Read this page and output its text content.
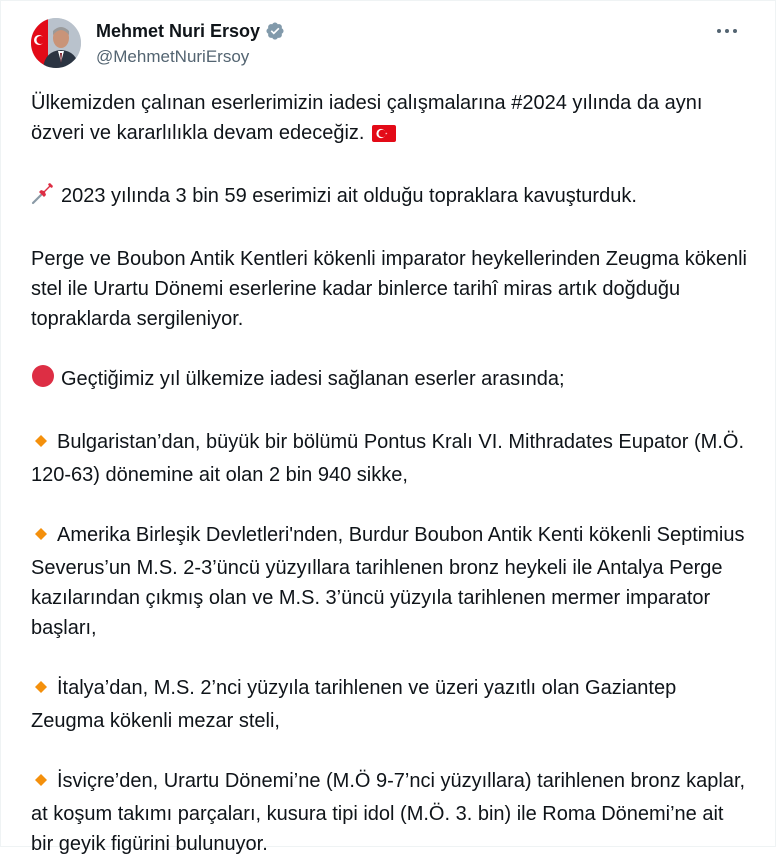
Mehmet Nuri Ersoy
@MehmetNuriErsoy

Ülkemizden çalınan eserlerimizin iadesi çalışmalarına #2024 yılında da aynı özveri ve kararlılıkla devam edeceğiz.

2023 yılında 3 bin 59 eserimizi ait olduğu topraklara kavuşturduk.

Perge ve Boubon Antik Kentleri kökenli imparator heykellerinden Zeugma kökenli stel ile Urartu Dönemi eserlerine kadar binlerce tarihî miras artık doğduğu topraklarda sergileniyor.

Geçtiğimiz yıl ülkemize iadesi sağlanan eserler arasında;

Bulgaristan’dan, büyük bir bölümü Pontus Kralı VI. Mithradates Eupator (M.Ö. 120-63) dönemine ait olan 2 bin 940 sikke,

Amerika Birleşik Devletleri'nden, Burdur Boubon Antik Kenti kökenli Septimius Severus’un M.S. 2-3’üncü yüzyıllara tarihlenen bronz heykeli ile Antalya Perge kazılarından çıkmış olan ve M.S. 3’üncü yüzyıla tarihlenen mermer imparator başları,

İtalya’dan, M.S. 2’nci yüzyıla tarihlenen ve üzeri yazıtlı olan Gaziantep Zeugma kökenli mezar steli,

İsviçre’den, Urartu Dönemi’ne (M.Ö 9-7’nci yüzyıllara) tarihlenen bronz kaplar, at koşum takımı parçaları, kusura tipi idol (M.Ö. 3. bin) ile Roma Dönemi’ne ait bir geyik figürini bulunuyor.
